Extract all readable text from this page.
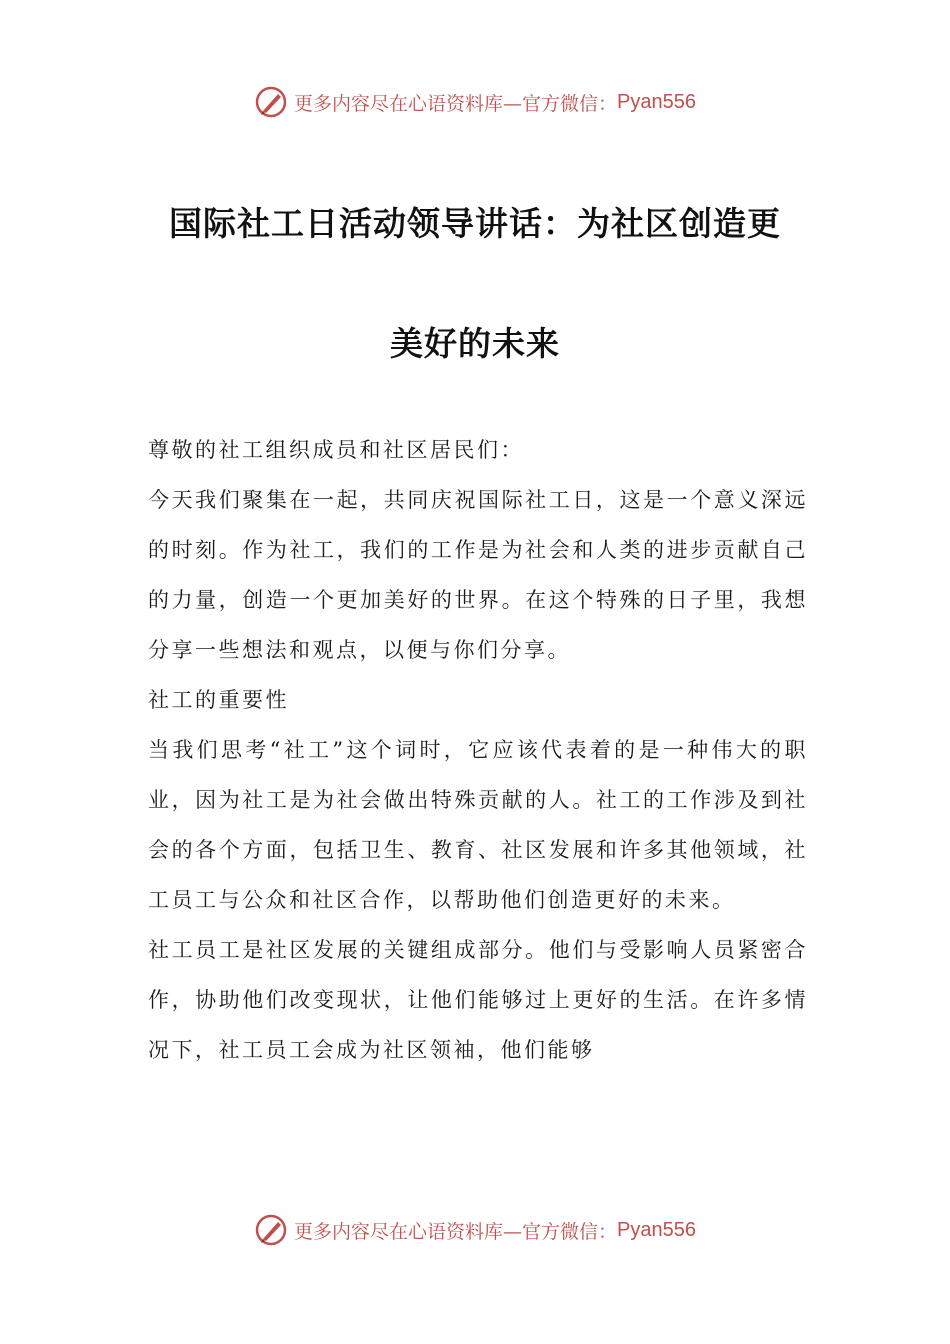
更多内容尽在心语资料库—官方微信： Pyan556
国际社工日活动领导讲话：为社区创造更
美好的未来

尊敬的社工组织成员和社区居民们：

今天我们聚集在一起，共同庆祝国际社工日，这是一个意义深远的时刻。作为社工，我们的工作是为社会和人类的进步贡献自己的力量，创造一个更加美好的世界。在这个特殊的日子里，我想分享一些想法和观点，以便与你们分享。

社工的重要性

当我们思考“社工”这个词时，它应该代表着的是一种伟大的职业，因为社工是为社会做出特殊贡献的人。社工的工作涉及到社会的各个方面，包括卫生、教育、社区发展和许多其他领域，社工员工与公众和社区合作，以帮助他们创造更好的未来。

社工员工是社区发展的关键组成部分。他们与受影响人员紧密合作，协助他们改变现状，让他们能够过上更好的生活。在许多情况下，社工员工会成为社区领袖，他们能够

更多内容尽在心语资料库—官方微信： Pyan556
